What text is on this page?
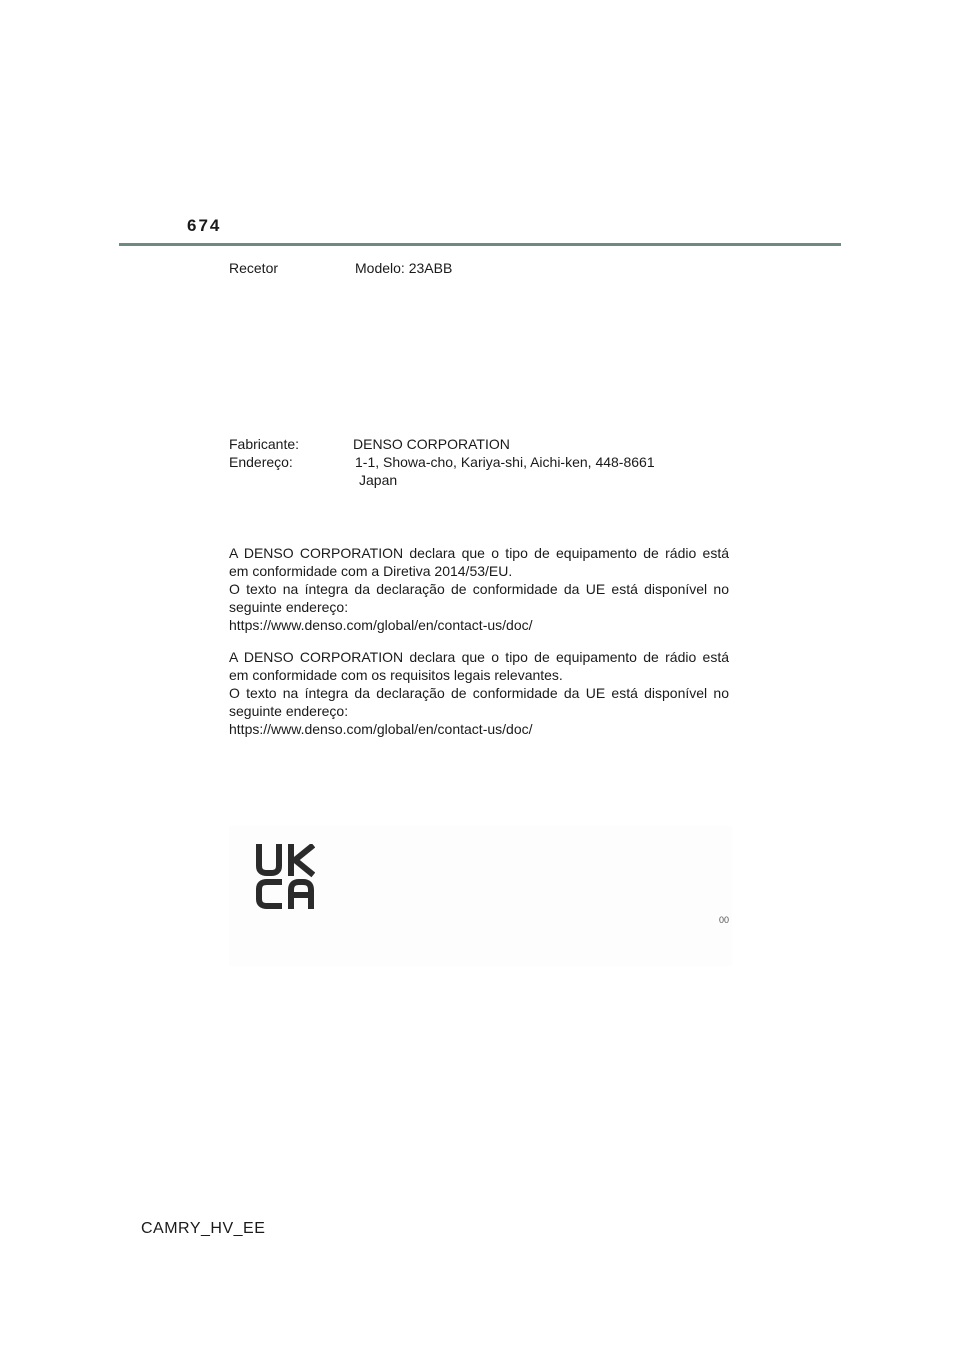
674
Recetor	Modelo: 23ABB
Fabricante:	DENSO CORPORATION
Endereço:	1-1, Showa-cho, Kariya-shi, Aichi-ken, 448-8661
Japan
A DENSO CORPORATION declara que o tipo de equipamento de rádio está
em conformidade com a Diretiva 2014/53/EU.
O texto na íntegra da declaração de conformidade da UE está disponível no
seguinte endereço:
https://www.denso.com/global/en/contact-us/doc/
A DENSO CORPORATION declara que o tipo de equipamento de rádio está
em conformidade com os requisitos legais relevantes.
O texto na íntegra da declaração de conformidade da UE está disponível no
seguinte endereço:
https://www.denso.com/global/en/contact-us/doc/
00
CAMRY_HV_EE
